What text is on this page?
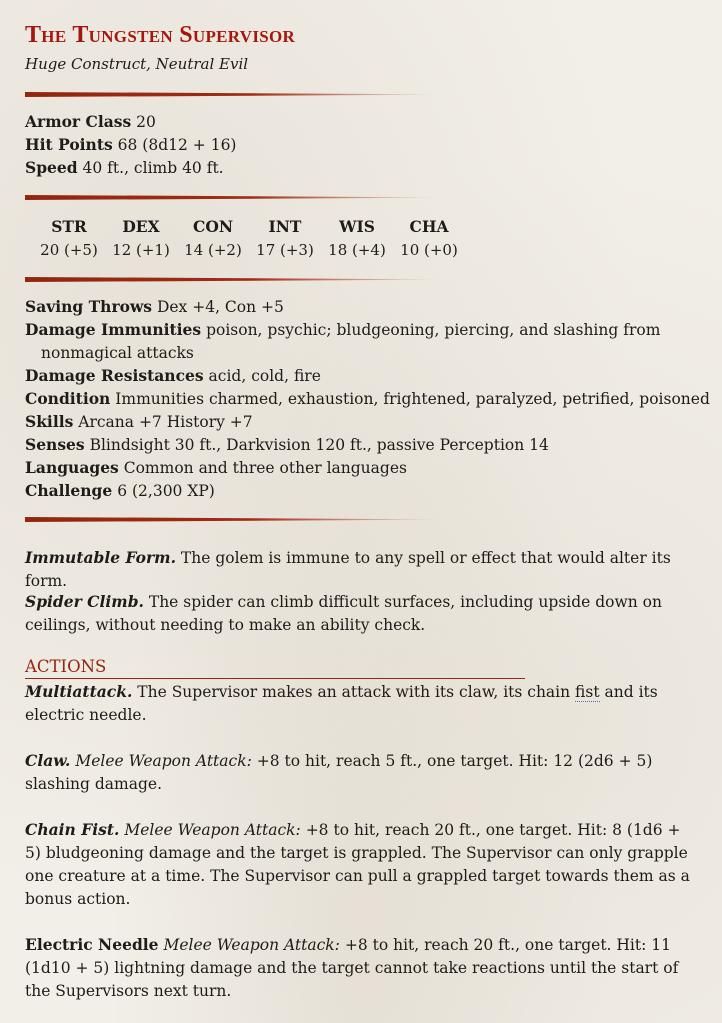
The Tungsten Supervisor
Huge Construct, Neutral Evil
Armor Class 20
Hit Points 68 (8d12 + 16)
Speed 40 ft., climb 40 ft.
STR
20 (+5)
DEX
12 (+1)
CON
14 (+2)
INT
17 (+3)
WIS
18 (+4)
CHA
10 (+0)
Saving Throws Dex +4, Con +5
Damage Immunities poison, psychic; bludgeoning, piercing, and slashing from
nonmagical attacks
Damage Resistances acid, cold, fire
Condition Immunities charmed, exhaustion, frightened, paralyzed, petrified, poisoned
Skills Arcana +7 History +7
Senses Blindsight 30 ft., Darkvision 120 ft., passive Perception 14
Languages Common and three other languages
Challenge 6 (2,300 XP)
Immutable Form. The golem is immune to any spell or effect that would alter its form.
Spider Climb. The spider can climb difficult surfaces, including upside down on ceilings, without needing to make an ability check.
ACTIONS
Multiattack. The Supervisor makes an attack with its claw, its chain fist and its electric needle.
Claw. Melee Weapon Attack: +8 to hit, reach 5 ft., one target. Hit: 12 (2d6 + 5) slashing damage.
Chain Fist. Melee Weapon Attack: +8 to hit, reach 20 ft., one target. Hit: 8 (1d6 + 5) bludgeoning damage and the target is grappled. The Supervisor can only grapple one creature at a time. The Supervisor can pull a grappled target towards them as a bonus action.
Electric Needle Melee Weapon Attack: +8 to hit, reach 20 ft., one target. Hit: 11 (1d10 + 5) lightning damage and the target cannot take reactions until the start of the Supervisors next turn.
